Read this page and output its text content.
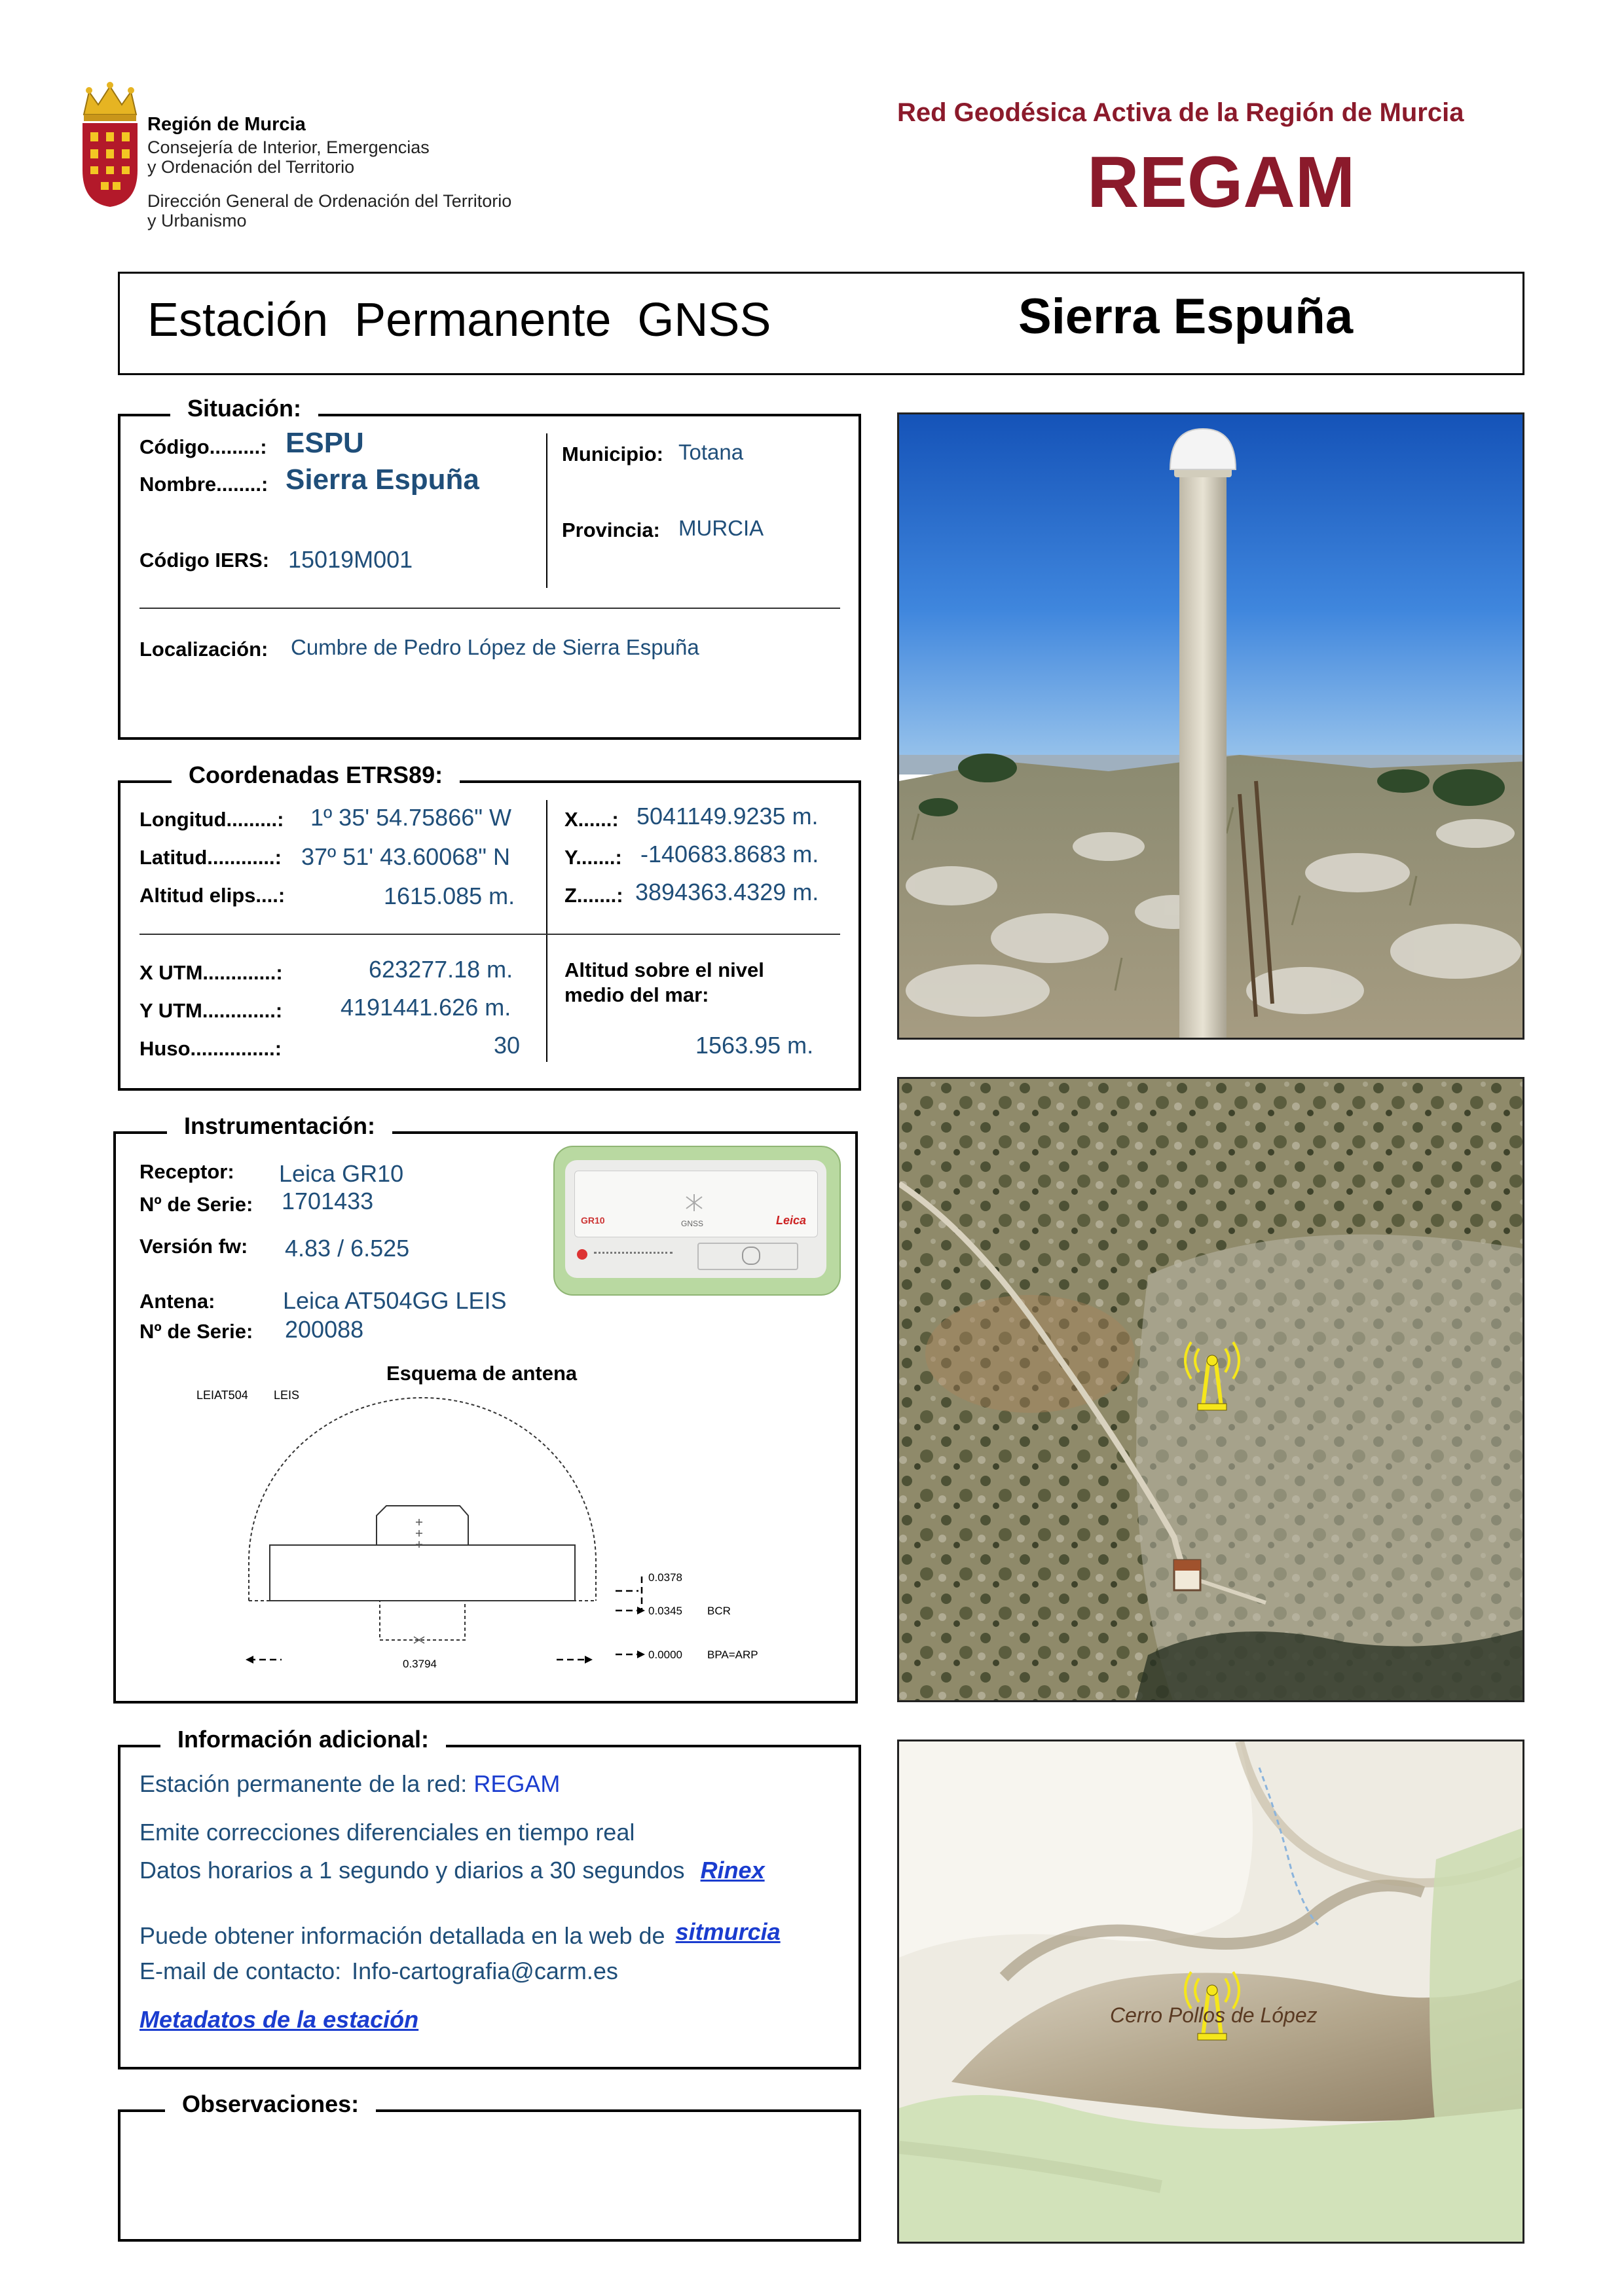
Región de Murcia
Consejería de Interior, Emergencias
y Ordenación del Territorio
Dirección General de Ordenación del Territorio
y Urbanismo
Red Geodésica Activa de la Región de Murcia
REGAM
Estación  Permanente  GNSS	Sierra Espuña
Situación:
Código.........: ESPU
Nombre........: Sierra Espuña
Código IERS: 15019M001
Municipio: Totana
Provincia: MURCIA
Localización: Cumbre de Pedro López de Sierra Espuña
Coordenadas ETRS89:
Longitud.........: 1º 35' 54.75866" W
Latitud............: 37º 51' 43.60068" N
Altitud elips....:	1615.085 m.
X......: 5041149.9235 m.
Y.......: -140683.8683 m.
Z.......: 3894363.4329 m.
X UTM.............:	623277.18 m.
Y UTM.............: 4191441.626 m.
Huso...............:	30
Altitud sobre el nivel
medio del mar:
1563.95 m.
Instrumentación:
Receptor: Leica GR10
Nº de Serie: 1701433
Versión fw: 4.83 / 6.525
Antena:	Leica AT504GG LEIS
Nº de Serie: 200088
GR10	GNSS	Leica
Esquema de antena
LEIAT504 LEIS
0.0378
0.0345 BCR
0.0000 BPA=ARP
0.3794
Información adicional:
Estación permanente de la red: REGAM
Emite correcciones diferenciales en tiempo real
Datos horarios a 1 segundo y diarios a 30 segundos Rinex
Puede obtener información detallada en la web de sitmurcia
E-mail de contacto: Info-cartografia@carm.es
Metadatos de la estación
Observaciones:
Cerro Pollos de López
